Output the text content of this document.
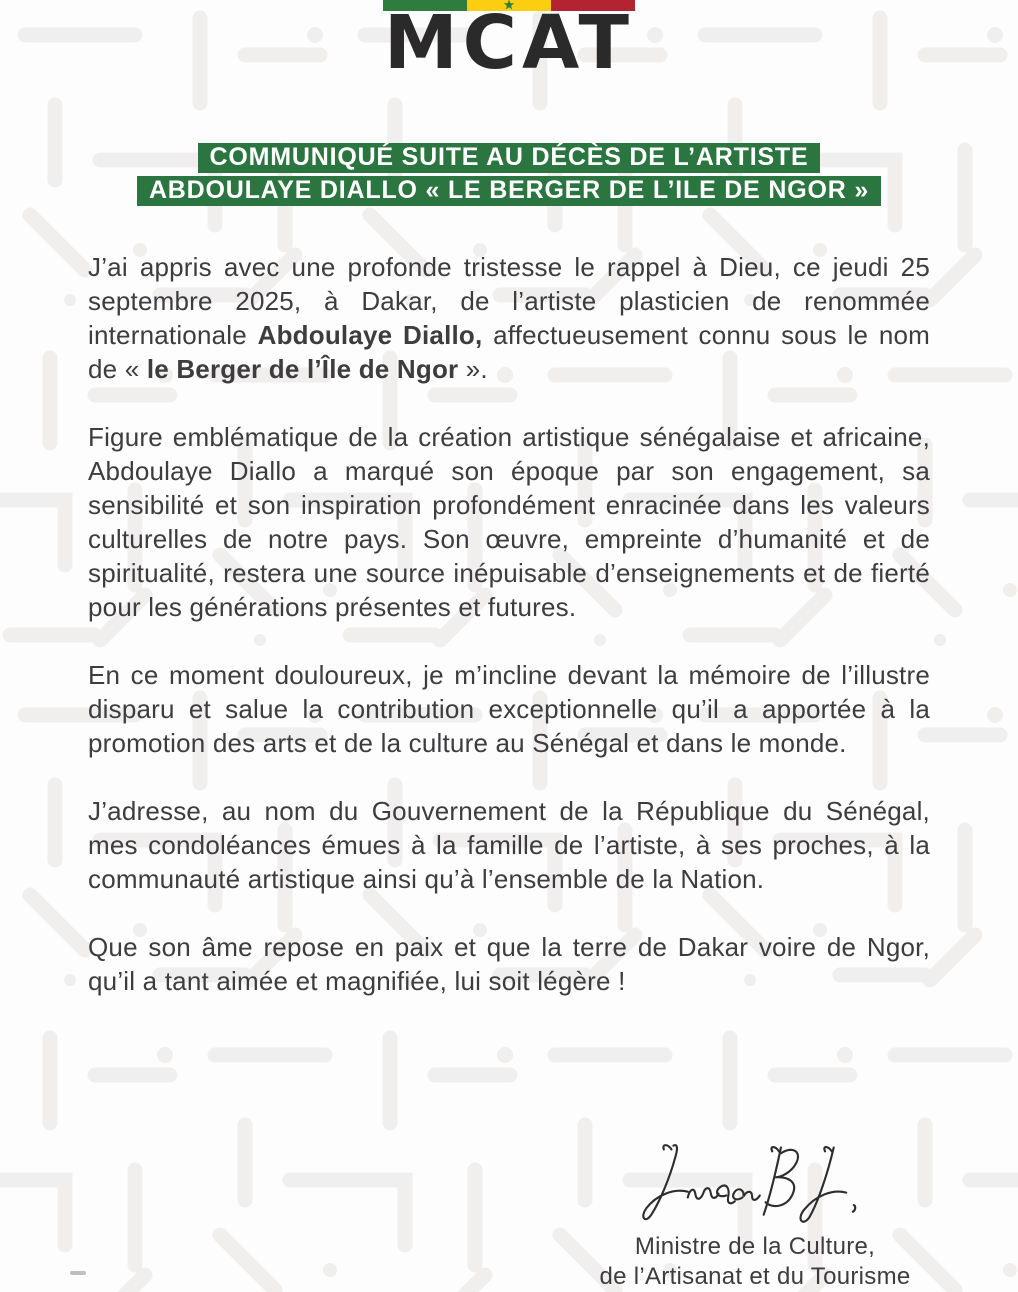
MCAT
COMMUNIQUÉ SUITE AU DÉCÈS DE L’ARTISTE
ABDOULAYE DIALLO « LE BERGER DE L’ILE DE NGOR »

J’ai appris avec une profonde tristesse le rappel à Dieu, ce jeudi 25 septembre 2025, à Dakar, de l’artiste plasticien de renommée internationale Abdoulaye Diallo, affectueusement connu sous le nom de « le Berger de l’Île de Ngor ».

Figure emblématique de la création artistique sénégalaise et africaine, Abdoulaye Diallo a marqué son époque par son engagement, sa sensibilité et son inspiration profondément enracinée dans les valeurs culturelles de notre pays. Son œuvre, empreinte d’humanité et de spiritualité, restera une source inépuisable d’enseignements et de fierté pour les générations présentes et futures.

En ce moment douloureux, je m’incline devant la mémoire de l’illustre disparu et salue la contribution exceptionnelle qu’il a apportée à la promotion des arts et de la culture au Sénégal et dans le monde.

J’adresse, au nom du Gouvernement de la République du Sénégal, mes condoléances émues à la famille de l’artiste, à ses proches, à la communauté artistique ainsi qu’à l’ensemble de la Nation.

Que son âme repose en paix et que la terre de Dakar voire de Ngor, qu’il a tant aimée et magnifiée, lui soit légère !

Ministre de la Culture,
de l’Artisanat et du Tourisme
